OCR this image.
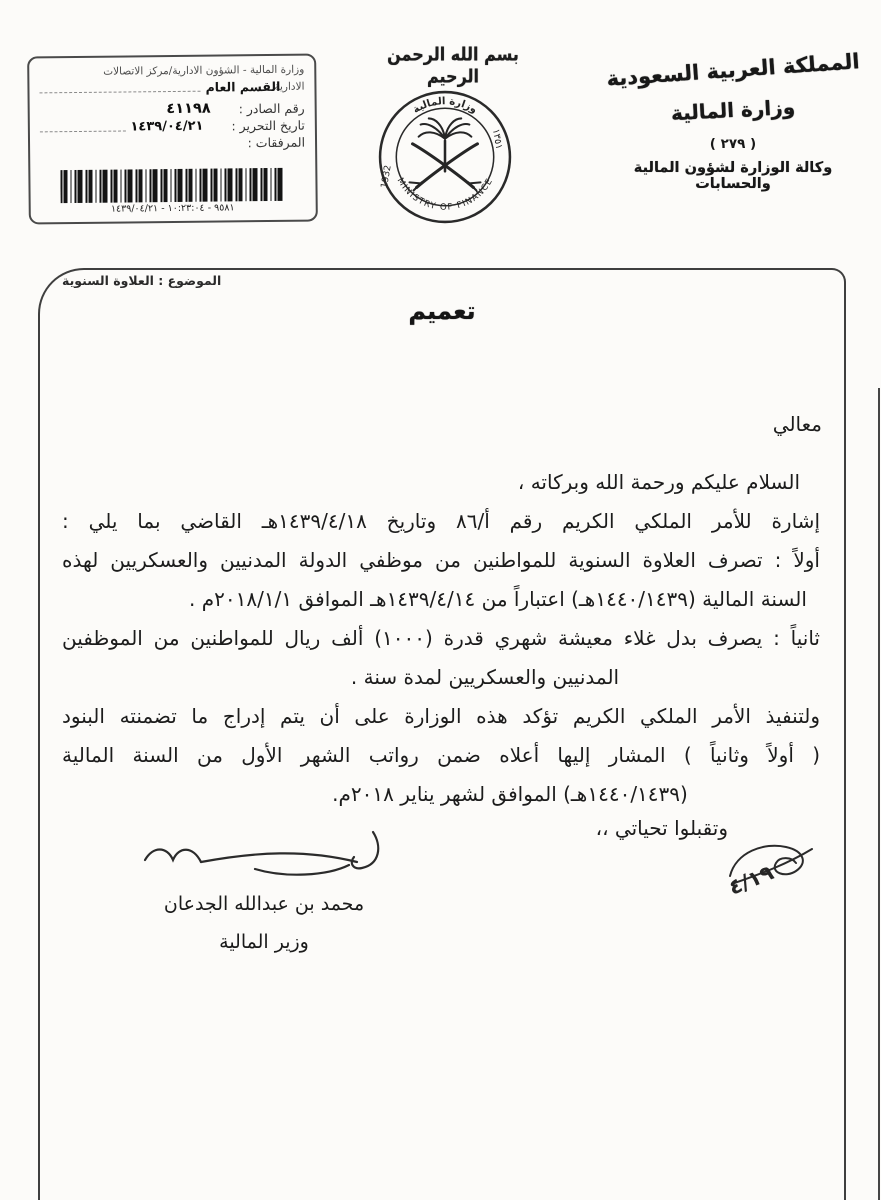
وزارة المالية - الشؤون الادارية/مركز الاتصالات
الادارية
القسم العام
رقم الصادر :
٤١١٩٨
تاريخ التحرير :
١٤٣٩/٠٤/٢١
المرفقات :
٩٥٨١ - ١٠:٢٣:٠٤ - ١٤٣٩/٠٤/٢١
بسم الله الرحمن الرحيم
وزارة المالية
MINISTRY OF FINANCE
1932
١٣٥١
المملكة العربية السعودية
وزارة المالية
( ٢٧٩ )
وكالة الوزارة لشؤون المالية والحسابات
الموضوع : العلاوة السنوية
تعميم
معالي
السلام عليكم ورحمة الله وبركاته ،
إشارة للأمر الملكي الكريم رقم أ/٨٦ وتاريخ ١٤٣٩/٤/١٨هـ القاضي بما يلي :
أولاً : تصرف العلاوة السنوية للمواطنين من موظفي الدولة المدنيين والعسكريين لهذه
السنة المالية (١٤٤٠/١٤٣٩هـ) اعتباراً من ١٤٣٩/٤/١٤هـ الموافق ٢٠١٨/١/١م .
ثانياً : يصرف بدل غلاء معيشة شهري قدرة (١٠٠٠) ألف ريال للمواطنين من الموظفين
المدنيين والعسكريين لمدة سنة .
ولتنفيذ الأمر الملكي الكريم تؤكد هذه الوزارة على أن يتم إدراج ما تضمنته البنود
( أولاً وثانياً ) المشار إليها أعلاه ضمن رواتب الشهر الأول من السنة المالية
(١٤٤٠/١٤٣٩هـ) الموافق لشهر يناير ٢٠١٨م.
وتقبلوا تحياتي ،،
محمد بن عبدالله الجدعان
وزير المالية
٤/١٩
